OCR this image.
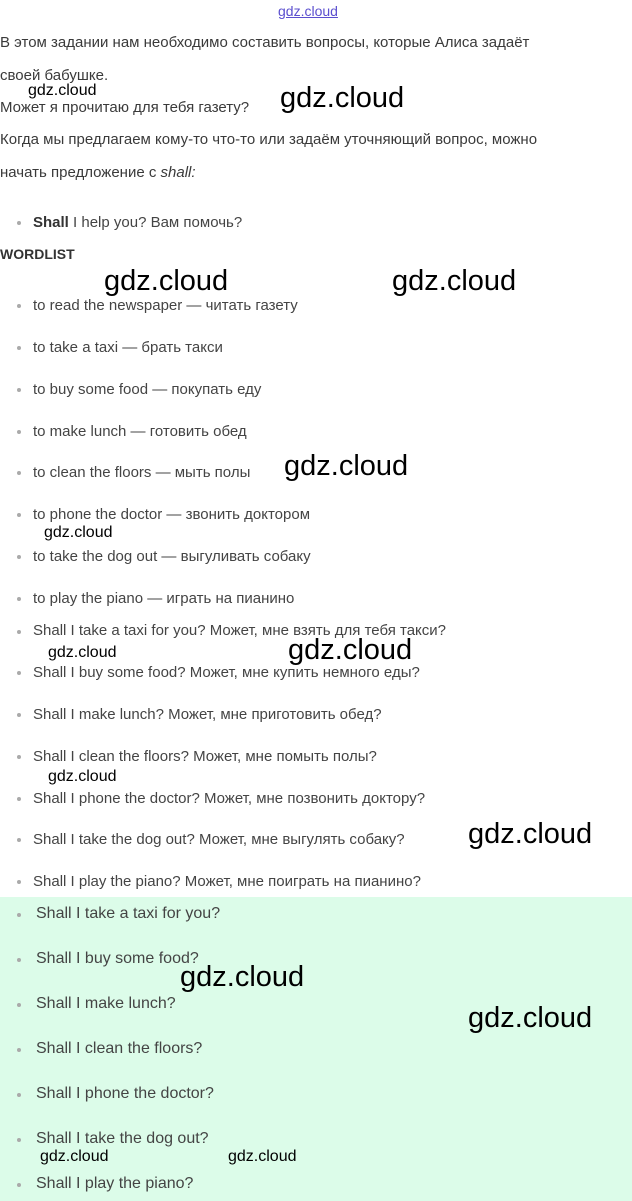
gdz.cloud
В этом задании нам необходимо составить вопросы, которые Алиса задаёт
своей бабушке.
Может я прочитаю для тебя газету?
Когда мы предлагаем кому-то что-то или задаём уточняющий вопрос, можно
начать предложение с shall:
Shall I help you? Вам помочь?
WORDLIST
to read the newspaper — читать газету
to take a taxi — брать такси
to buy some food — покупать еду
to make lunch — готовить обед
to clean the floors — мыть полы
to phone the doctor — звонить доктором
to take the dog out — выгуливать собаку
to play the piano — играть на пианино
Shall I take a taxi for you? Может, мне взять для тебя такси?
Shall I buy some food? Может, мне купить немного еды?
Shall I make lunch? Может, мне приготовить обед?
Shall I clean the floors? Может, мне помыть полы?
Shall I phone the doctor? Может, мне позвонить доктору?
Shall I take the dog out? Может, мне выгулять собаку?
Shall I play the piano? Может, мне поиграть на пианино?
Shall I take a taxi for you?
Shall I buy some food?
Shall I make lunch?
Shall I clean the floors?
Shall I phone the doctor?
Shall I take the dog out?
Shall I play the piano?
gdz.cloud	gdz.cloud
gdz.cloud	gdz.cloud
gdz.cloud
gdz.cloud
gdz.cloud	gdz.cloud
gdz.cloud
gdz.cloud
gdz.cloud
gdz.cloud
gdz.cloud	gdz.cloud
